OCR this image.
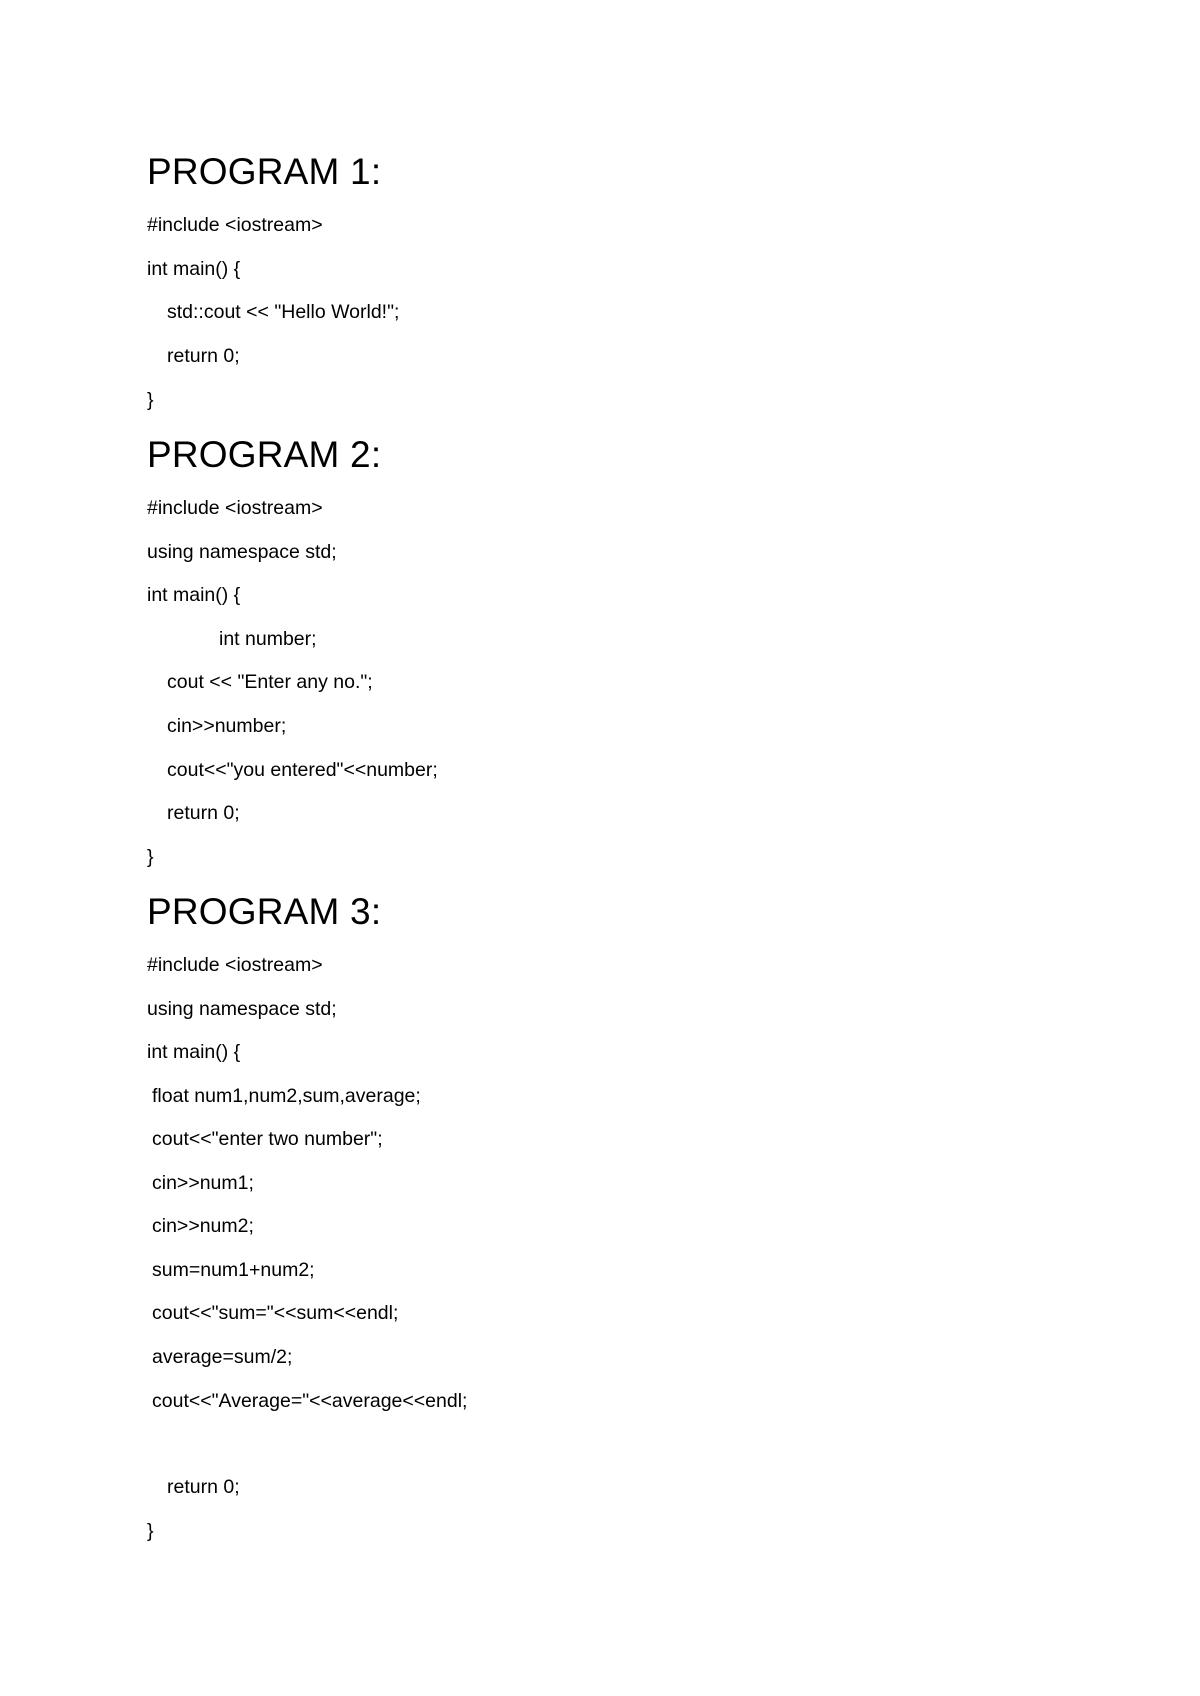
PROGRAM 1:
#include <iostream>
int main() {
std::cout << "Hello World!";
return 0;
}
PROGRAM 2:
#include <iostream>
using namespace std;
int main() {
int number;
cout << "Enter any no.";
cin>>number;
cout<<"you entered"<<number;
return 0;
}
PROGRAM 3:
#include <iostream>
using namespace std;
int main() {
float num1,num2,sum,average;
cout<<"enter two number";
cin>>num1;
cin>>num2;
sum=num1+num2;
cout<<"sum="<<sum<<endl;
average=sum/2;
cout<<"Average="<<average<<endl;
return 0;
}
